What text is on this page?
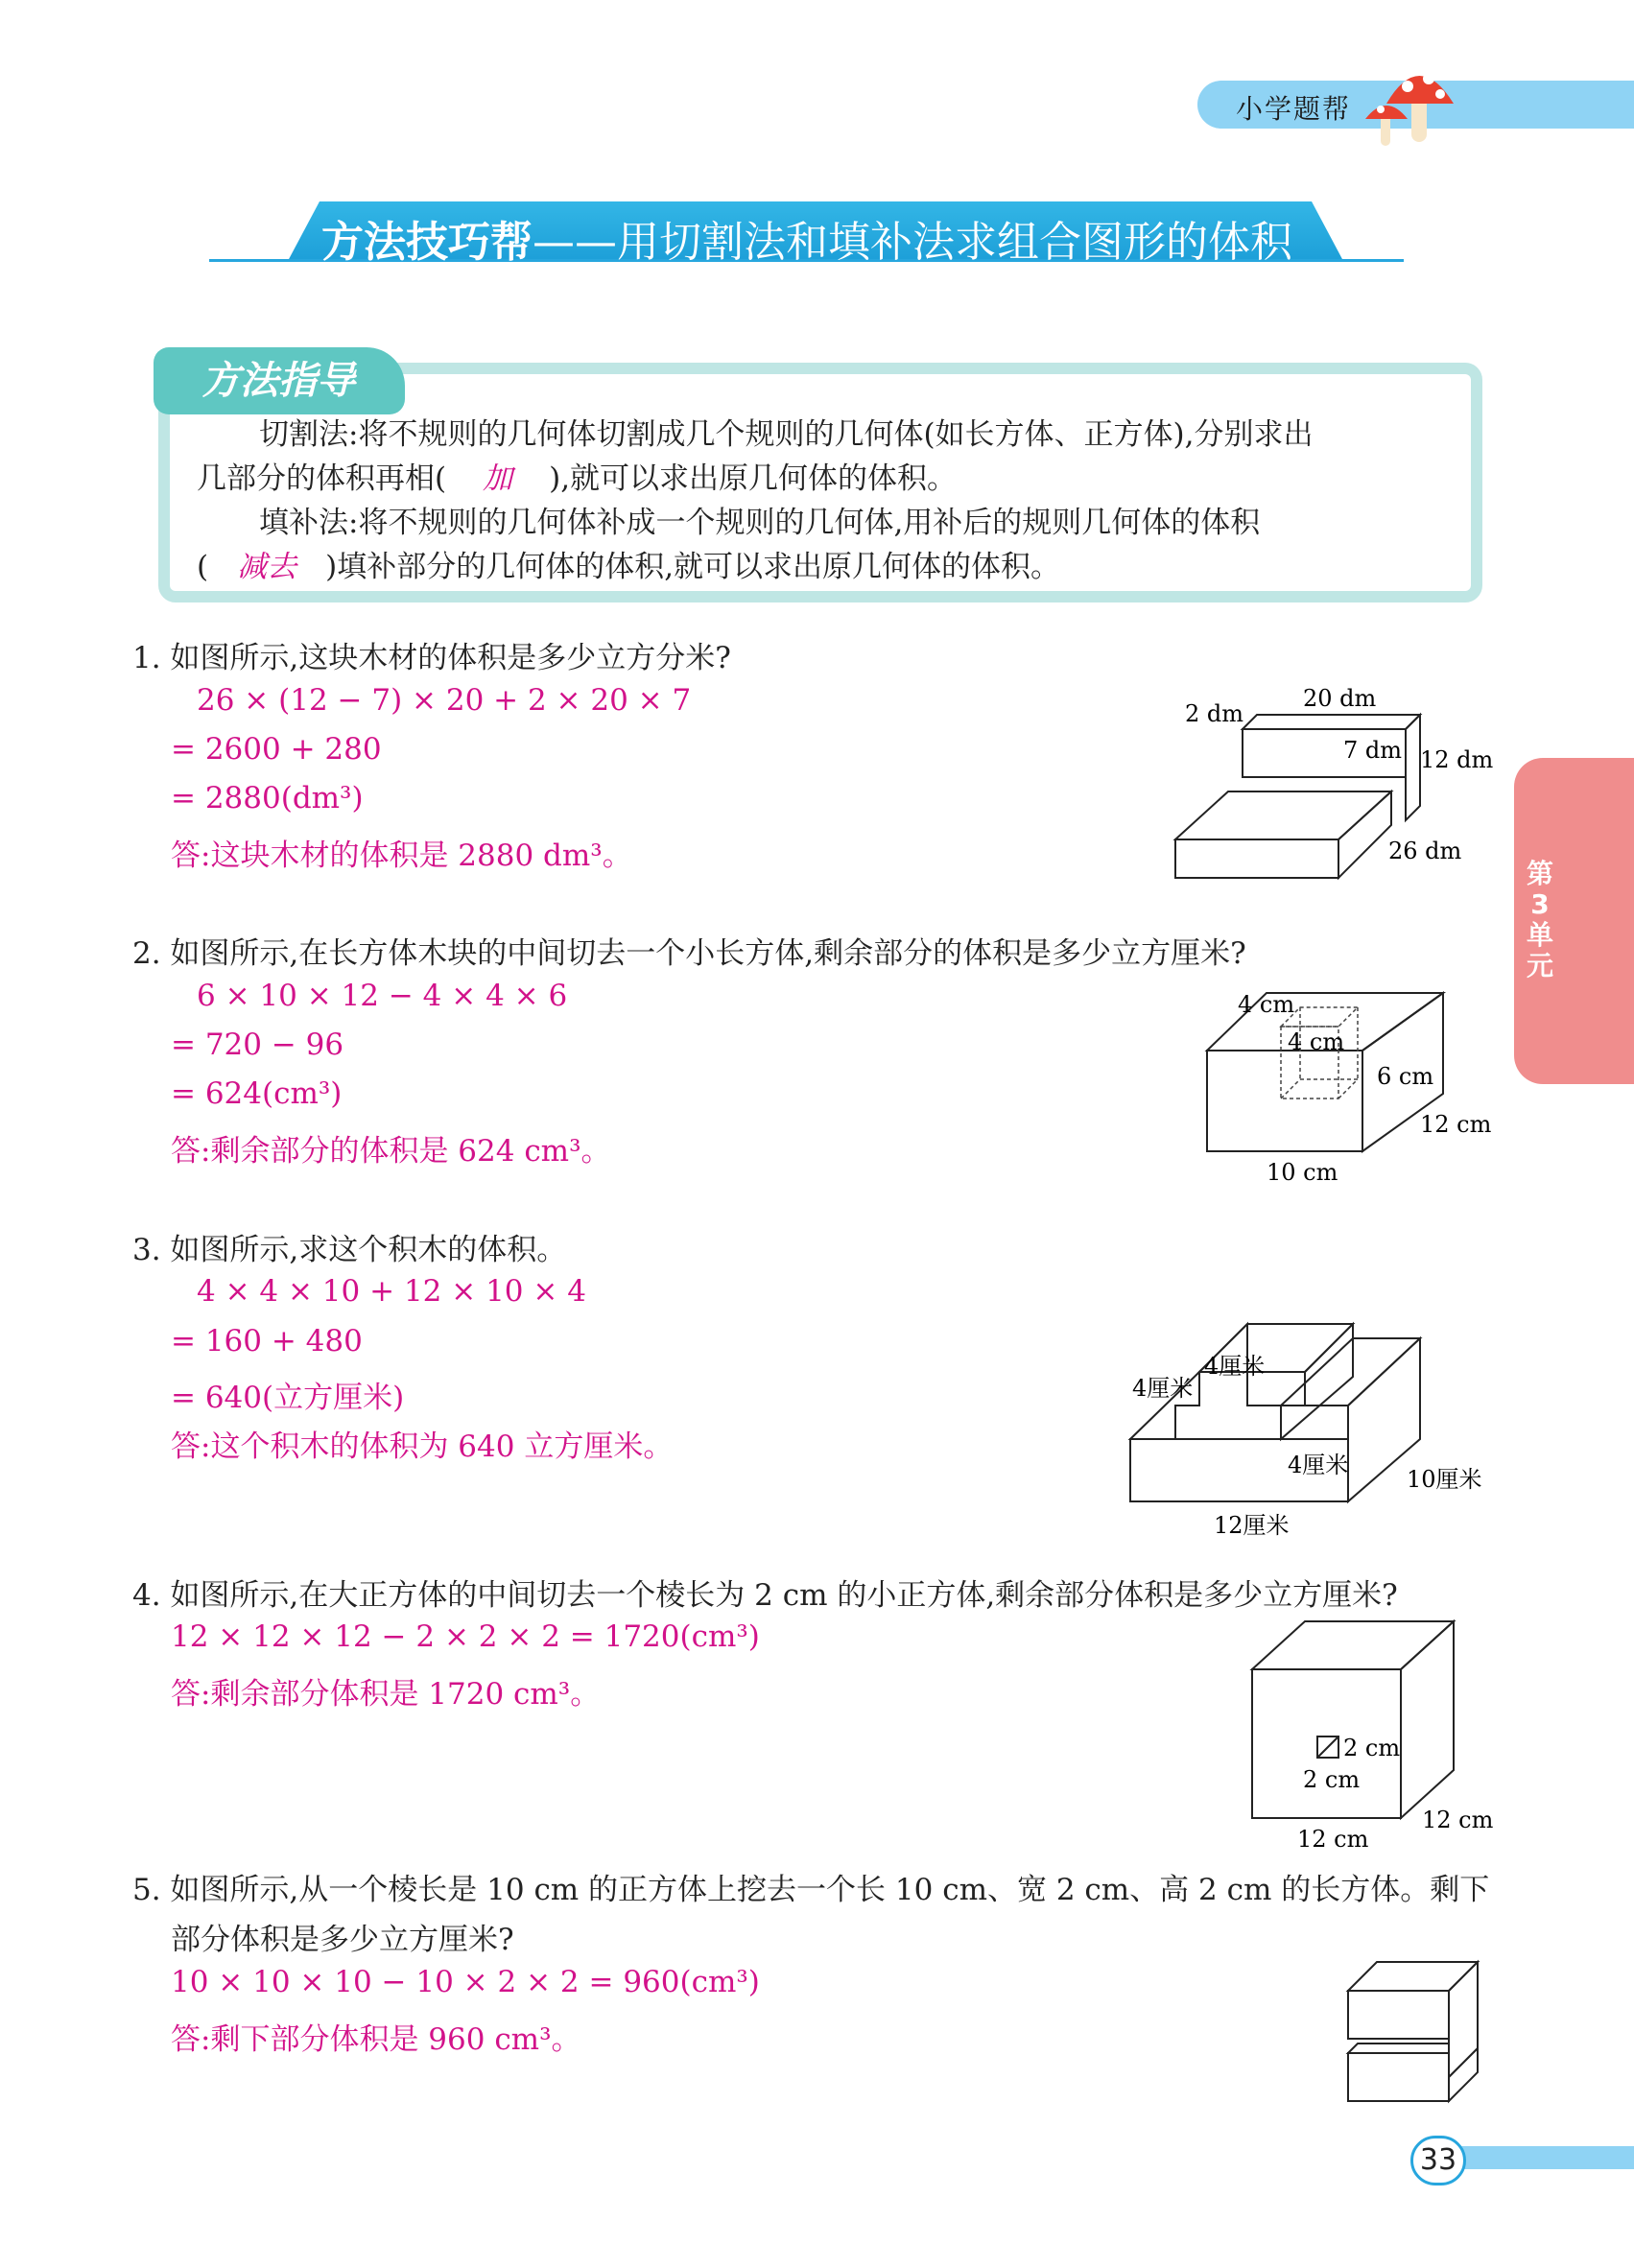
小学题帮
方法技巧帮——用切割法和填补法求组合图形的体积
方法指导
切割法:将不规则的几何体切割成几个规则的几何体(如长方体、正方体),分别求出
几部分的体积再相( 加 ),就可以求出原几何体的体积。
填补法:将不规则的几何体补成一个规则的几何体,用补后的规则几何体的体积
( 减去 )填补部分的几何体的体积,就可以求出原几何体的体积。
1. 如图所示,这块木材的体积是多少立方分米?
26 × (12 − 7) × 20 + 2 × 20 × 7
= 2600 + 280
= 2880(dm³)
答:这块木材的体积是 2880 dm³。
2 dm
20 dm
7 dm 12 dm
26 dm
2. 如图所示,在长方体木块的中间切去一个小长方体,剩余部分的体积是多少立方厘米?
6 × 10 × 12 − 4 × 4 × 6
= 720 − 96
= 624(cm³)
答:剩余部分的体积是 624 cm³。
4 cm
4 cm
6 cm
12 cm
10 cm
3. 如图所示,求这个积木的体积。
4 × 4 × 10 + 12 × 10 × 4
= 160 + 480
= 640(立方厘米)
答:这个积木的体积为 640 立方厘米。
4厘米
4厘米
4厘米
10厘米
12厘米
4. 如图所示,在大正方体的中间切去一个棱长为 2 cm 的小正方体,剩余部分体积是多少立方厘米?
12 × 12 × 12 − 2 × 2 × 2 = 1720(cm³)
答:剩余部分体积是 1720 cm³。
2 cm
2 cm
12 cm
12 cm
5. 如图所示,从一个棱长是 10 cm 的正方体上挖去一个长 10 cm、宽 2 cm、高 2 cm 的长方体。剩下
部分体积是多少立方厘米?
10 × 10 × 10 − 10 × 2 × 2 = 960(cm³)
答:剩下部分体积是 960 cm³。
第3单元
33
